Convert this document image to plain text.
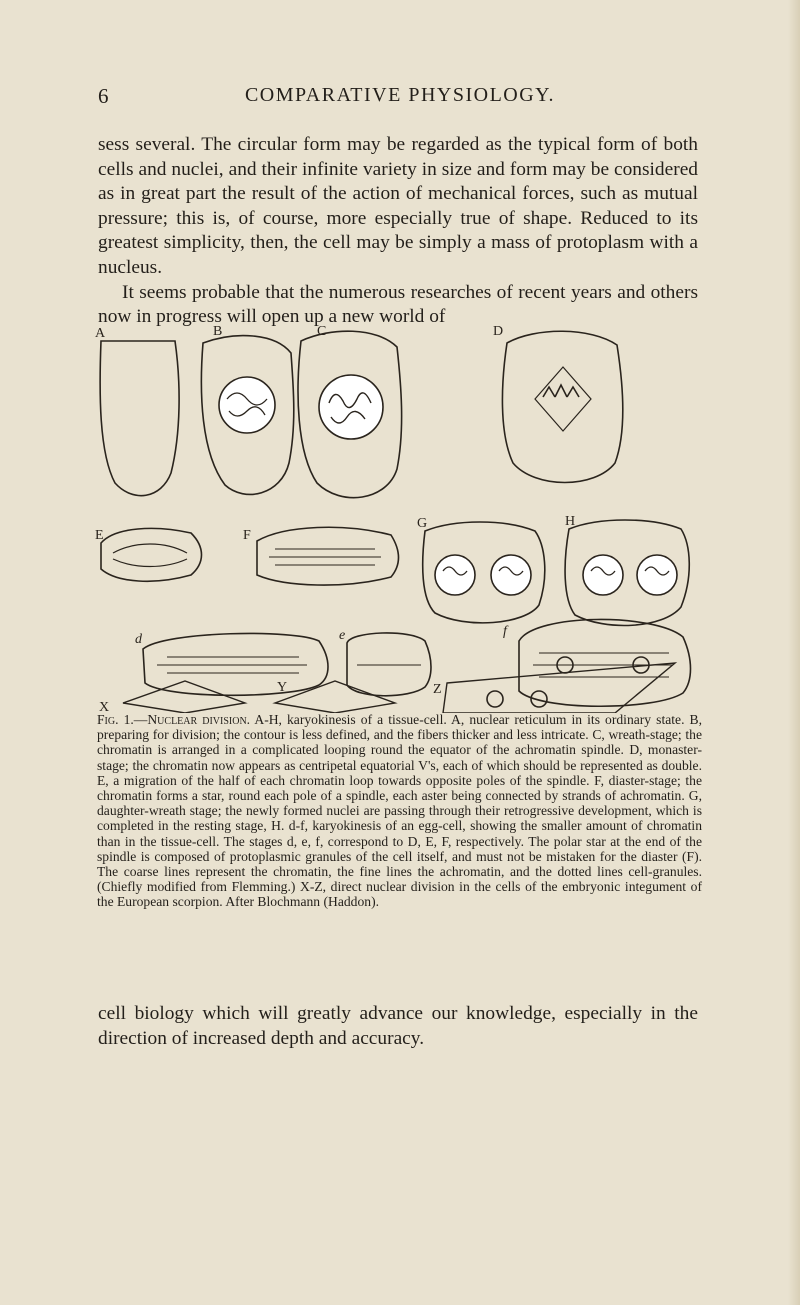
6	COMPARATIVE PHYSIOLOGY.

sess several. The circular form may be regarded as the typical form of both cells and nuclei, and their infinite variety in size and form may be considered as in great part the result of the action of mechanical forces, such as mutual pressure; this is, of course, more especially true of shape. Reduced to its greatest simplicity, then, the cell may be simply a mass of protoplasm with a nucleus.

It seems probable that the numerous researches of recent years and others now in progress will open up a new world of

A	B	C	D
E	F
G	H
d	e	f
X
Y	Z
Fig. 1.—Nuclear division. A-H, karyokinesis of a tissue-cell. A, nuclear reticulum in its ordinary state. B, preparing for division; the contour is less defined, and the fibers thicker and less intricate. C, wreath-stage; the chromatin is arranged in a complicated looping round the equator of the achromatin spindle. D, monaster-stage; the chromatin now appears as centripetal equatorial V's, each of which should be represented as double. E, a migration of the half of each chromatin loop towards opposite poles of the spindle. F, diaster-stage; the chromatin forms a star, round each pole of a spindle, each aster being connected by strands of achromatin. G, daughter-wreath stage; the newly formed nuclei are passing through their retrogressive development, which is completed in the resting stage, H. d-f, karyokinesis of an egg-cell, showing the smaller amount of chromatin than in the tissue-cell. The stages d, e, f, correspond to D, E, F, respectively. The polar star at the end of the spindle is composed of protoplasmic granules of the cell itself, and must not be mistaken for the diaster (F). The coarse lines represent the chromatin, the fine lines the achromatin, and the dotted lines cell-granules. (Chiefly modified from Flemming.) X-Z, direct nuclear division in the cells of the embryonic integument of the European scorpion. After Blochmann (Haddon).

cell biology which will greatly advance our knowledge, especially in the direction of increased depth and accuracy.
